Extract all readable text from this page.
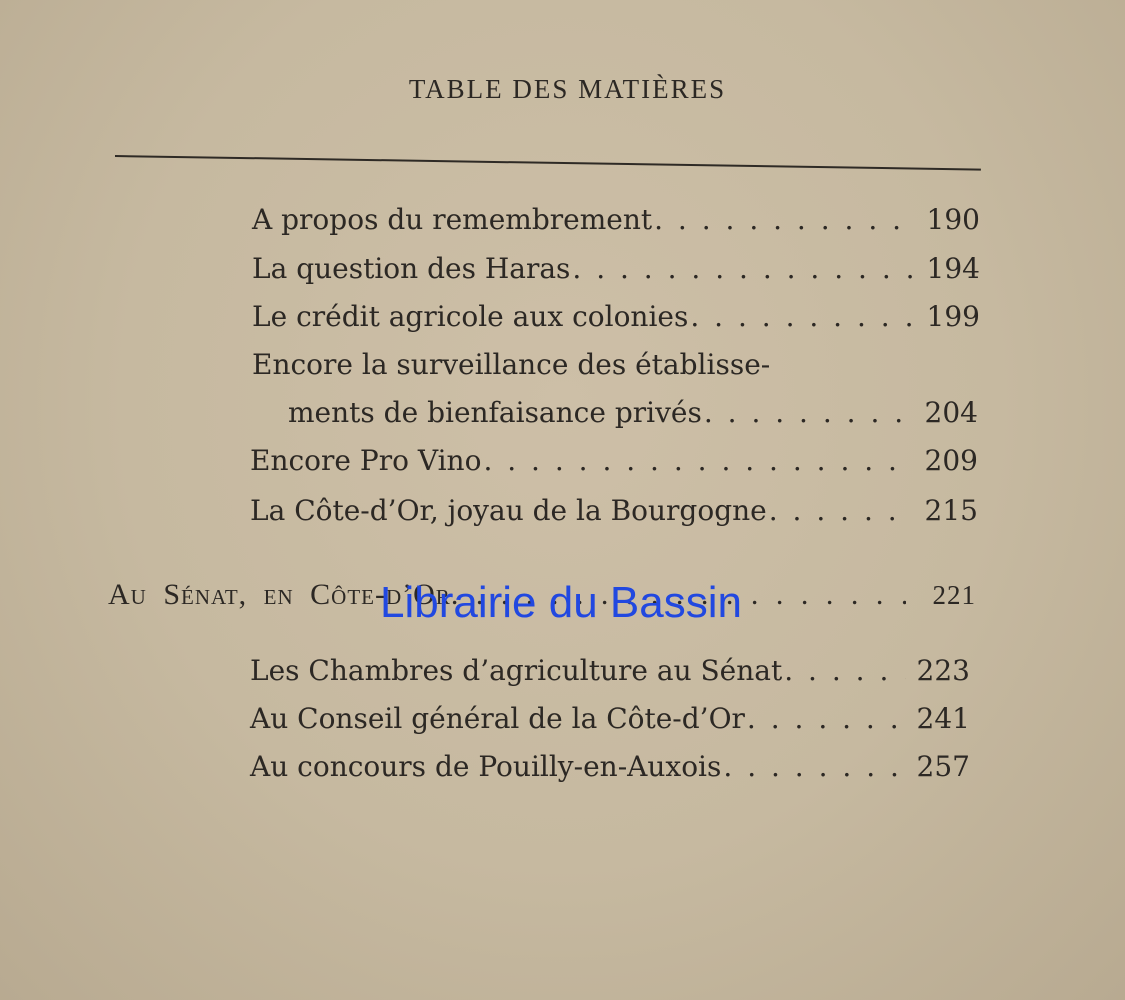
TABLE DES MATIÈRES
A propos du remembrement . . .	190
La question des Haras . . .	194
Le crédit agricole aux colonies . . .	199
Encore la surveillance des établisse-
ments de bienfaisance privés . . .	204
Encore Pro Vino . . .	209
La Côte-d’Or, joyau de la Bourgogne . . .	215
Au Sénat, en Côte-d’Or . . .	221
Les Chambres d’agriculture au Sénat . . .	223
Au Conseil général de la Côte-d’Or . . .	241
Au concours de Pouilly-en-Auxois . . .	257
Librairie du Bassin
